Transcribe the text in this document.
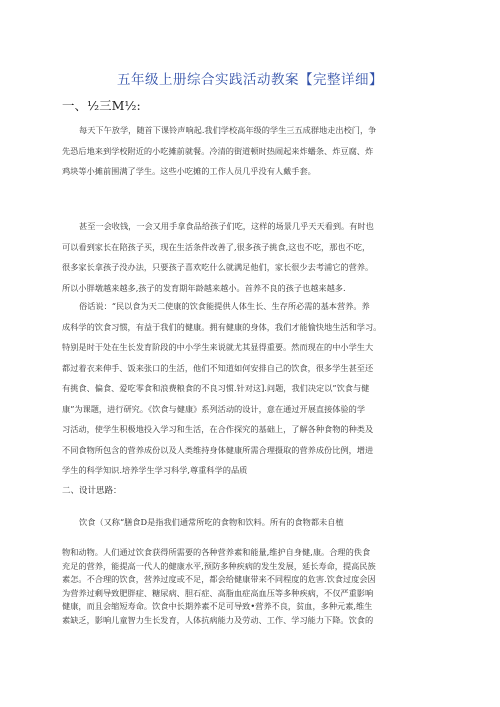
五年级上册综合实践活动教案【完整详细】
一、½三M½:
每天下午放学，随首下课铃声响起.我们学校高年级的学生三五成群地走出校门，争
先恐后地来到学校附近的小吃摊前就餐。冷清的街道顿时热闹起来炸蟠条、炸豆腐、炸
鸡块等小摊前围满了学生。这些小吃摊的工作人员几乎没有人戴手套。
甚至一会收钱，一会又用手拿食品给孩子们吃，这样的场景几乎天天看到。有时也
可以看到家长在陪孩子买，现在生活条件改善了,很多孩子挑食,这也不吃，那也不吃，
很多家长拿孩子没办法，只要孩子喜欢吃什么就满足他们，家长很少去考浦它的营养。
所以小胖墩越来越多,孩子的发育期年龄越来越小。首养不良的孩子也越来越多.
俗话说：“民以食为天二使康的饮食能提供人体生长、生存所必需的基本营养。养
成科学的饮食习惯，有益于我们的健康。拥有健康的身体，我们才能愉快地生活和学习。
特别是时于处在生长发育阶段的中小学生来说就尤其显得重要。然而现在的中小学生大
都过着衣来伸手、饭来张口的生活，他们不知道如何安排自己的饮食，很多学生甚至还
有挑食、偏食、爱吃零食和浪费粮食的不良习惯.针对这].问题，我们决定以”饮食与健
康”为课题，进行研究。《饮食与健康》系列活动的设计，意在通过开展直接体验的学
习活动，使学生积极地投入学习和生活，在合作探究的基础上，了解各种食物的种类及
不同食物所包含的营养成份以及人类维持身体健康所需合理摄取的营养成份比例，增进
学生的科学知识.培养学生学习科学,尊重科学的品质
二、设计思路：
饮食（又称“膳食D是指我们通常所吃的食物和饮料。所有的食物都未自植
物和动物。人们通过饮食获得所需要的各种营养素和能量,维护自身健,康。合理的佚食
充足的营养，能提高一代人的健康水平,预防多种疾病的发生发展，延长寿命，提高民族
素怎。不合理的饮食，营养过度或不足，都会给健康带来不同程度的危害.饮食过度会因
为营养过剩导致肥胖症、糖尿病、胆石症、高脂血症高血压等多种疾病，不仅严重影响
健康，而且会缩短寿命。饮食中长期养素不足可导致•营养不良，贫血，多种元素,维生
素缺乏，影响儿童智力生长发育，人体抗病能力及劳动、工作、学习能力下降。饮食的
